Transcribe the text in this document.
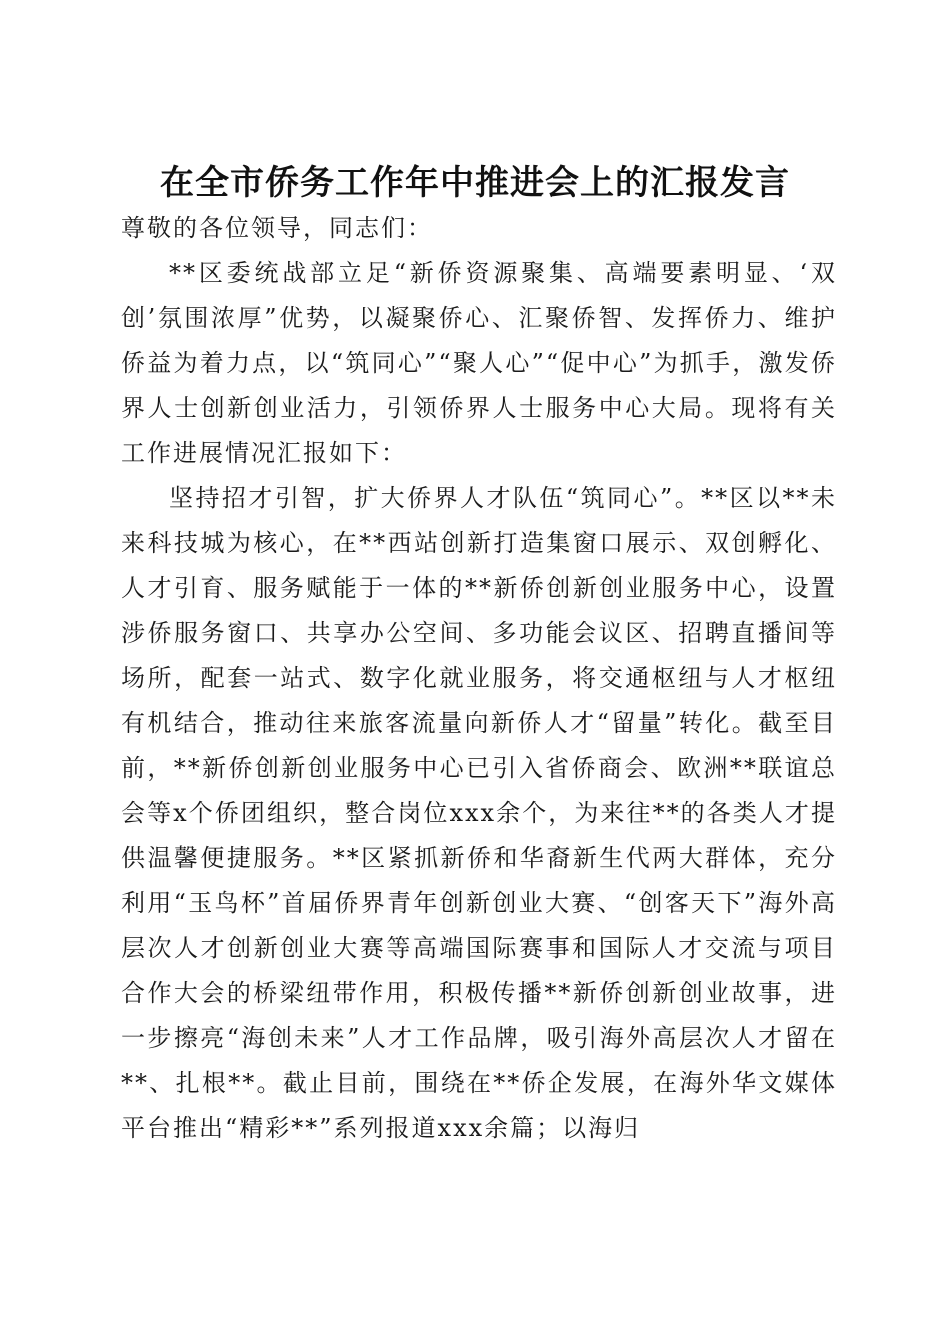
在全市侨务工作年中推进会上的汇报发言

尊敬的各位领导，同志们：

**区委统战部立足“新侨资源聚集、高端要素明显、‘双创’氛围浓厚”优势，以凝聚侨心、汇聚侨智、发挥侨力、维护侨益为着力点，以“筑同心”“聚人心”“促中心”为抓手，激发侨界人士创新创业活力，引领侨界人士服务中心大局。现将有关工作进展情况汇报如下：

坚持招才引智，扩大侨界人才队伍“筑同心”。**区以**未来科技城为核心，在**西站创新打造集窗口展示、双创孵化、人才引育、服务赋能于一体的**新侨创新创业服务中心，设置涉侨服务窗口、共享办公空间、多功能会议区、招聘直播间等场所，配套一站式、数字化就业服务，将交通枢纽与人才枢纽有机结合，推动往来旅客流量向新侨人才“留量”转化。截至目前，**新侨创新创业服务中心已引入省侨商会、欧洲**联谊总会等x个侨团组织，整合岗位xxx余个，为来往**的各类人才提供温馨便捷服务。**区紧抓新侨和华裔新生代两大群体，充分利用“玉鸟杯”首届侨界青年创新创业大赛、“创客天下”海外高层次人才创新创业大赛等高端国际赛事和国际人才交流与项目合作大会的桥梁纽带作用，积极传播**新侨创新创业故事，进一步擦亮“海创未来”人才工作品牌，吸引海外高层次人才留在**、扎根**。截止目前，围绕在**侨企发展，在海外华文媒体平台推出“精彩**”系列报道xxx余篇；以海归
